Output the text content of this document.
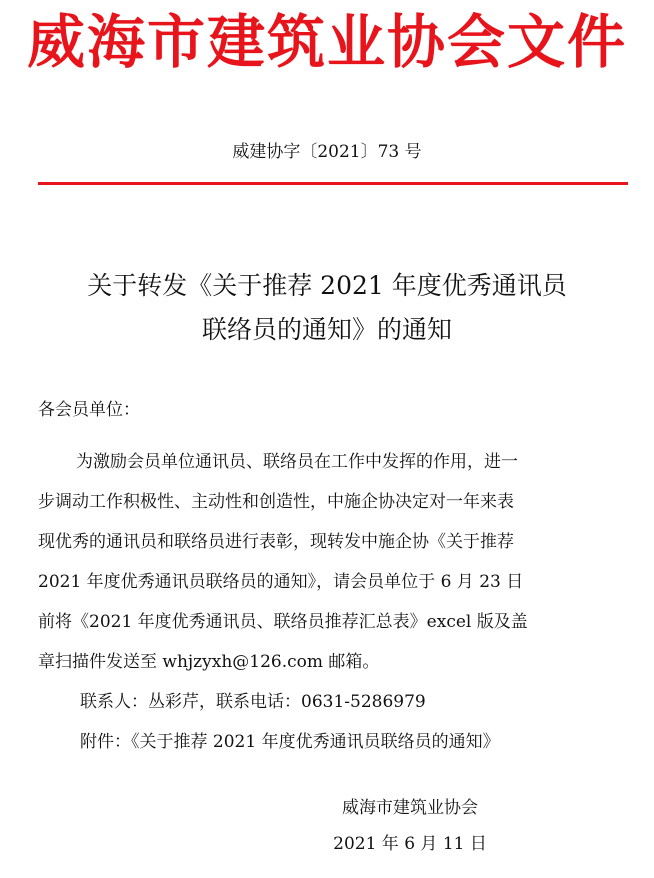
威海市建筑业协会文件
威建协字〔2021〕73 号
关于转发《关于推荐 2021 年度优秀通讯员
联络员的通知》的通知
各会员单位：
为激励会员单位通讯员、联络员在工作中发挥的作用，进一
步调动工作积极性、主动性和创造性，中施企协决定对一年来表
现优秀的通讯员和联络员进行表彰，现转发中施企协《关于推荐
2021 年度优秀通讯员联络员的通知》，请会员单位于 6 月 23 日
前将《2021 年度优秀通讯员、联络员推荐汇总表》excel 版及盖
章扫描件发送至 whjzyxh@126.com 邮箱。
联系人：丛彩芹，联系电话：0631-5286979
附件：《关于推荐 2021 年度优秀通讯员联络员的通知》
威海市建筑业协会
2021 年 6 月 11 日
